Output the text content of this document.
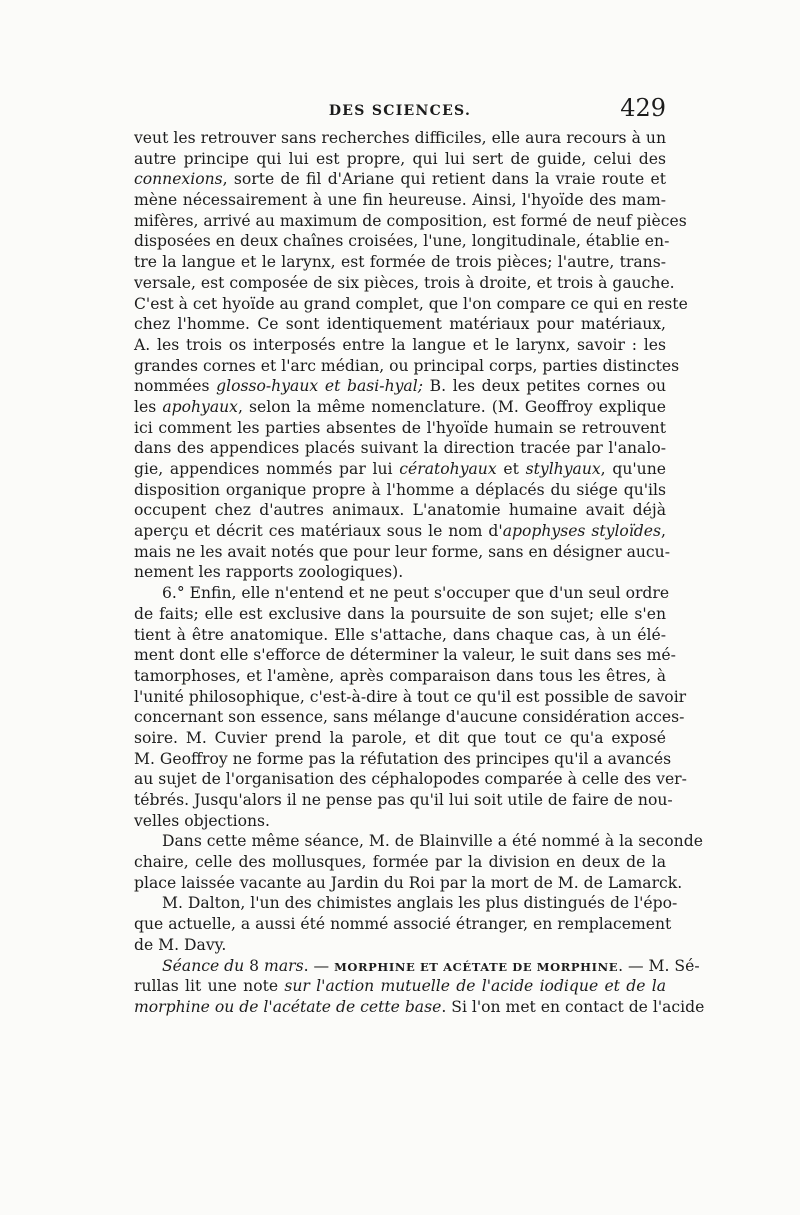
DES SCIENCES.	429
veut les retrouver sans recherches difficiles, elle aura recours à un
autre principe qui lui est propre, qui lui sert de guide, celui des
connexions, sorte de fil d'Ariane qui retient dans la vraie route et
mène nécessairement à une fin heureuse. Ainsi, l'hyoïde des mam-
mifères, arrivé au maximum de composition, est formé de neuf pièces
disposées en deux chaînes croisées, l'une, longitudinale, établie en-
tre la langue et le larynx, est formée de trois pièces; l'autre, trans-
versale, est composée de six pièces, trois à droite, et trois à gauche.
C'est à cet hyoïde au grand complet, que l'on compare ce qui en reste
chez l'homme. Ce sont identiquement matériaux pour matériaux,
A. les trois os interposés entre la langue et le larynx, savoir : les
grandes cornes et l'arc médian, ou principal corps, parties distinctes
nommées glosso-hyaux et basi-hyal; B. les deux petites cornes ou
les apohyaux, selon la même nomenclature. (M. Geoffroy explique
ici comment les parties absentes de l'hyoïde humain se retrouvent
dans des appendices placés suivant la direction tracée par l'analo-
gie, appendices nommés par lui cératohyaux et stylhyaux, qu'une
disposition organique propre à l'homme a déplacés du siége qu'ils
occupent chez d'autres animaux. L'anatomie humaine avait déjà
aperçu et décrit ces matériaux sous le nom d'apophyses styloïdes,
mais ne les avait notés que pour leur forme, sans en désigner aucu-
nement les rapports zoologiques).
6.° Enfin, elle n'entend et ne peut s'occuper que d'un seul ordre
de faits; elle est exclusive dans la poursuite de son sujet; elle s'en
tient à être anatomique. Elle s'attache, dans chaque cas, à un élé-
ment dont elle s'efforce de déterminer la valeur, le suit dans ses mé-
tamorphoses, et l'amène, après comparaison dans tous les êtres, à
l'unité philosophique, c'est-à-dire à tout ce qu'il est possible de savoir
concernant son essence, sans mélange d'aucune considération acces-
soire. M. Cuvier prend la parole, et dit que tout ce qu'a exposé
M. Geoffroy ne forme pas la réfutation des principes qu'il a avancés
au sujet de l'organisation des céphalopodes comparée à celle des ver-
tébrés. Jusqu'alors il ne pense pas qu'il lui soit utile de faire de nou-
velles objections.
Dans cette même séance, M. de Blainville a été nommé à la seconde
chaire, celle des mollusques, formée par la division en deux de la
place laissée vacante au Jardin du Roi par la mort de M. de Lamarck.
M. Dalton, l'un des chimistes anglais les plus distingués de l'épo-
que actuelle, a aussi été nommé associé étranger, en remplacement
de M. Davy.
Séance du 8 mars. — MORPHINE ET ACÉTATE DE MORPHINE. — M. Sé-
rullas lit une note sur l'action mutuelle de l'acide iodique et de la
morphine ou de l'acétate de cette base. Si l'on met en contact de l'acide
